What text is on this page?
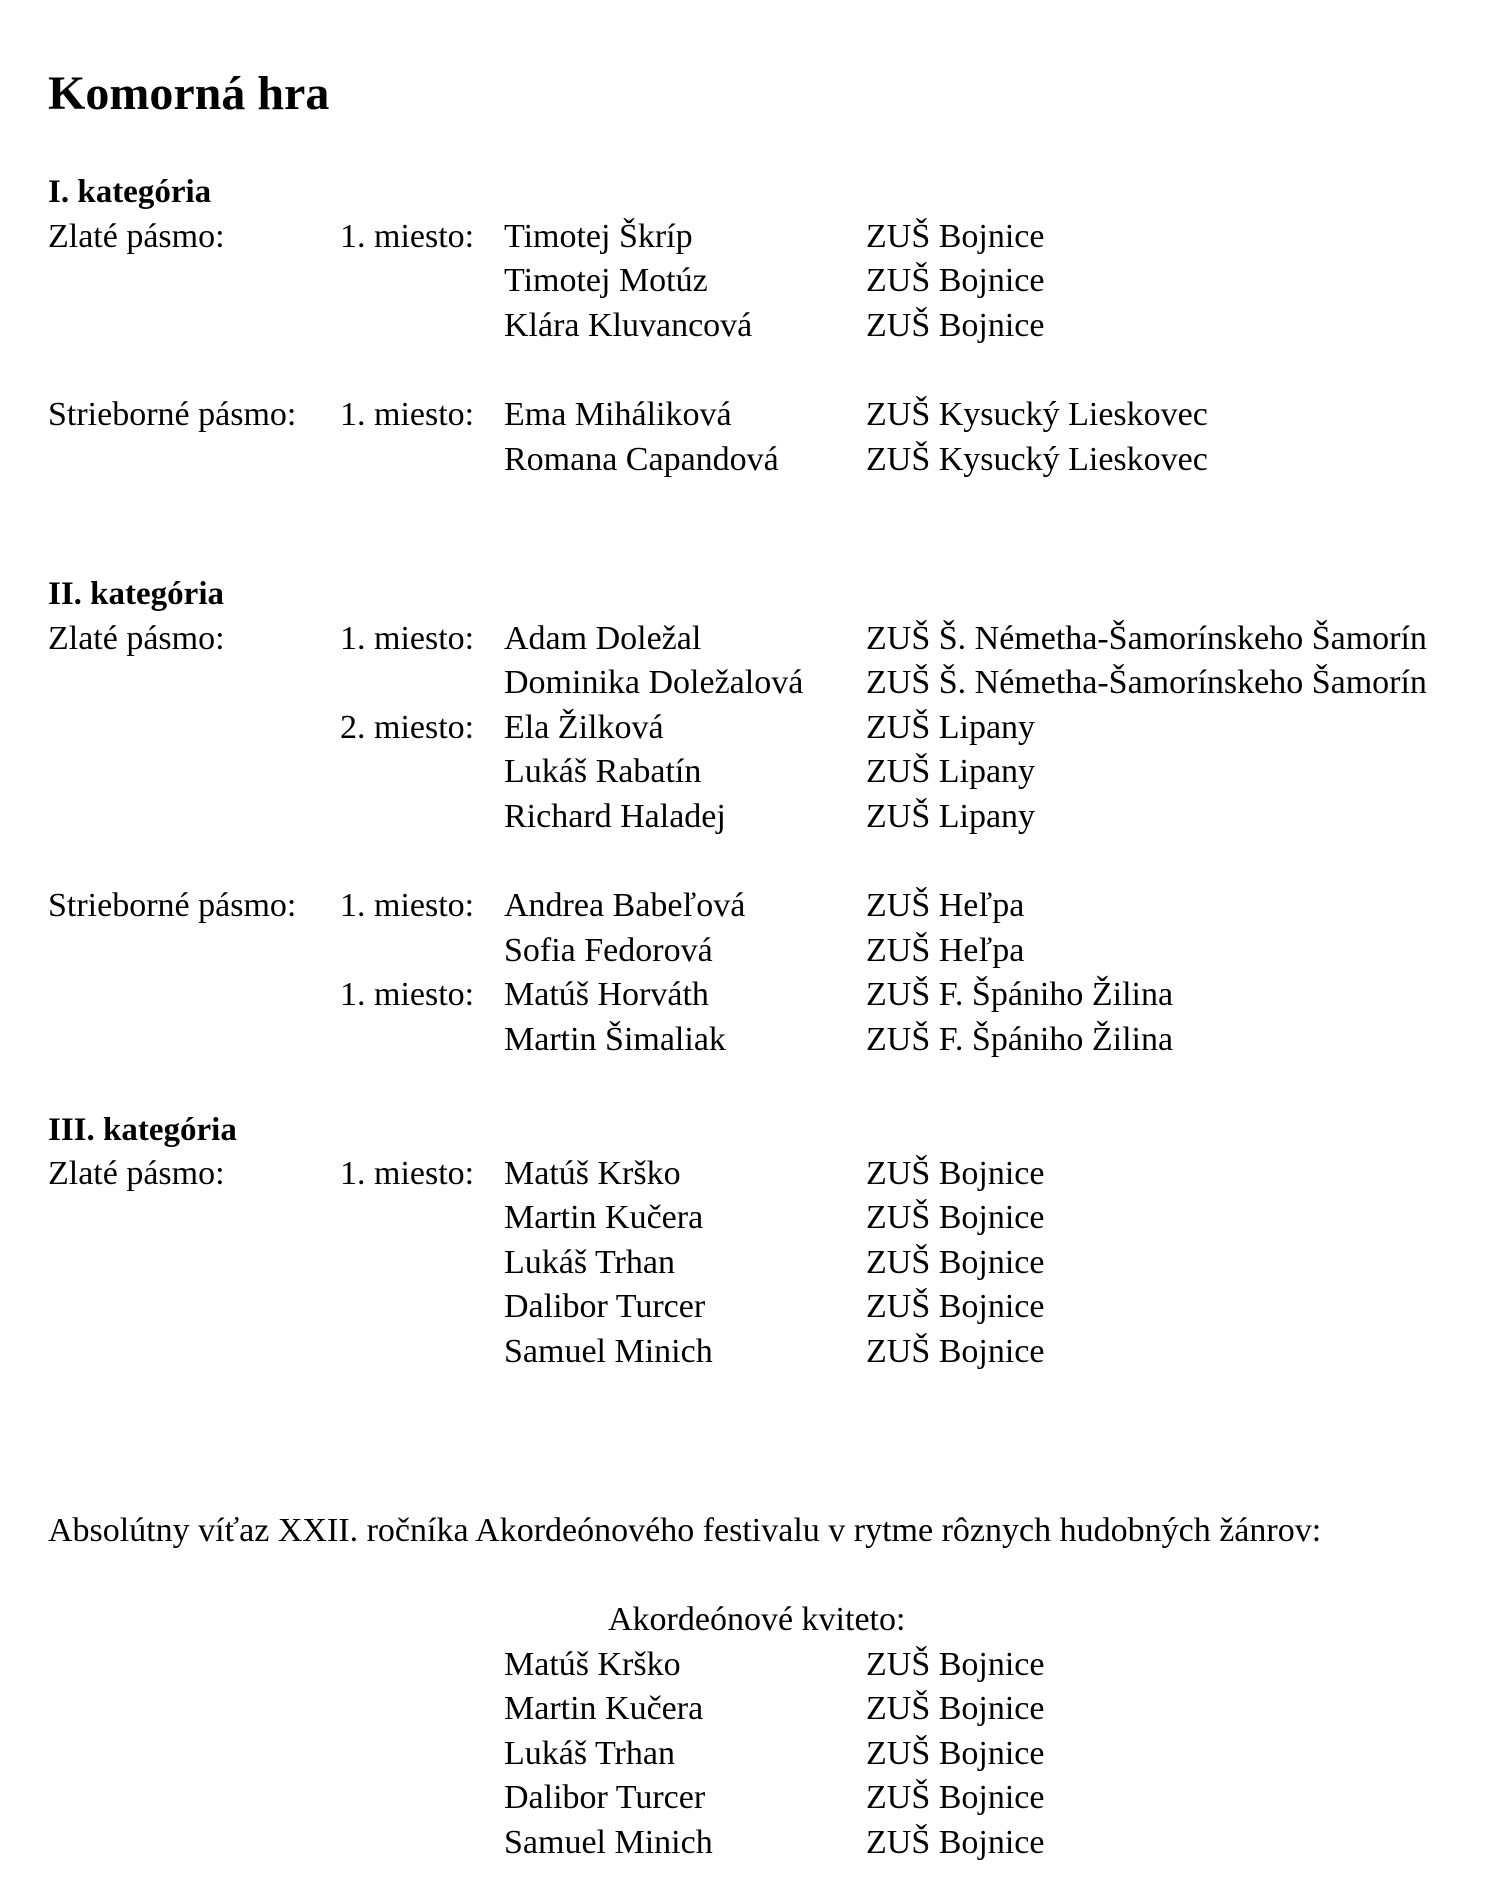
Komorná hra
I. kategória
Zlaté pásmo:	1. miesto: Timotej Škríp	ZUŠ Bojnice
Timotej Motúz	ZUŠ Bojnice
Klára Kluvancová	ZUŠ Bojnice
Strieborné pásmo: 1. miesto: Ema Miháliková	ZUŠ Kysucký Lieskovec
Romana Capandová	ZUŠ Kysucký Lieskovec
II. kategória
Zlaté pásmo:	1. miesto: Adam Doležal	ZUŠ Š. Németha-Šamorínskeho Šamorín
Dominika Doležalová ZUŠ Š. Németha-Šamorínskeho Šamorín
2. miesto: Ela Žilková	ZUŠ Lipany
Lukáš Rabatín	ZUŠ Lipany
Richard Haladej	ZUŠ Lipany
Strieborné pásmo: 1. miesto: Andrea Babeľová	ZUŠ Heľpa
Sofia Fedorová	ZUŠ Heľpa
1. miesto: Matúš Horváth	ZUŠ F. Špániho Žilina
Martin Šimaliak	ZUŠ F. Špániho Žilina
III. kategória
Zlaté pásmo:	1. miesto: Matúš Krško	ZUŠ Bojnice
Martin Kučera	ZUŠ Bojnice
Lukáš Trhan	ZUŠ Bojnice
Dalibor Turcer	ZUŠ Bojnice
Samuel Minich	ZUŠ Bojnice
Absolútny víťaz XXII. ročníka Akordeónového festivalu v rytme rôznych hudobných žánrov:
Akordeónové kviteto:
Matúš Krško	ZUŠ Bojnice
Martin Kučera	ZUŠ Bojnice
Lukáš Trhan	ZUŠ Bojnice
Dalibor Turcer	ZUŠ Bojnice
Samuel Minich	ZUŠ Bojnice
